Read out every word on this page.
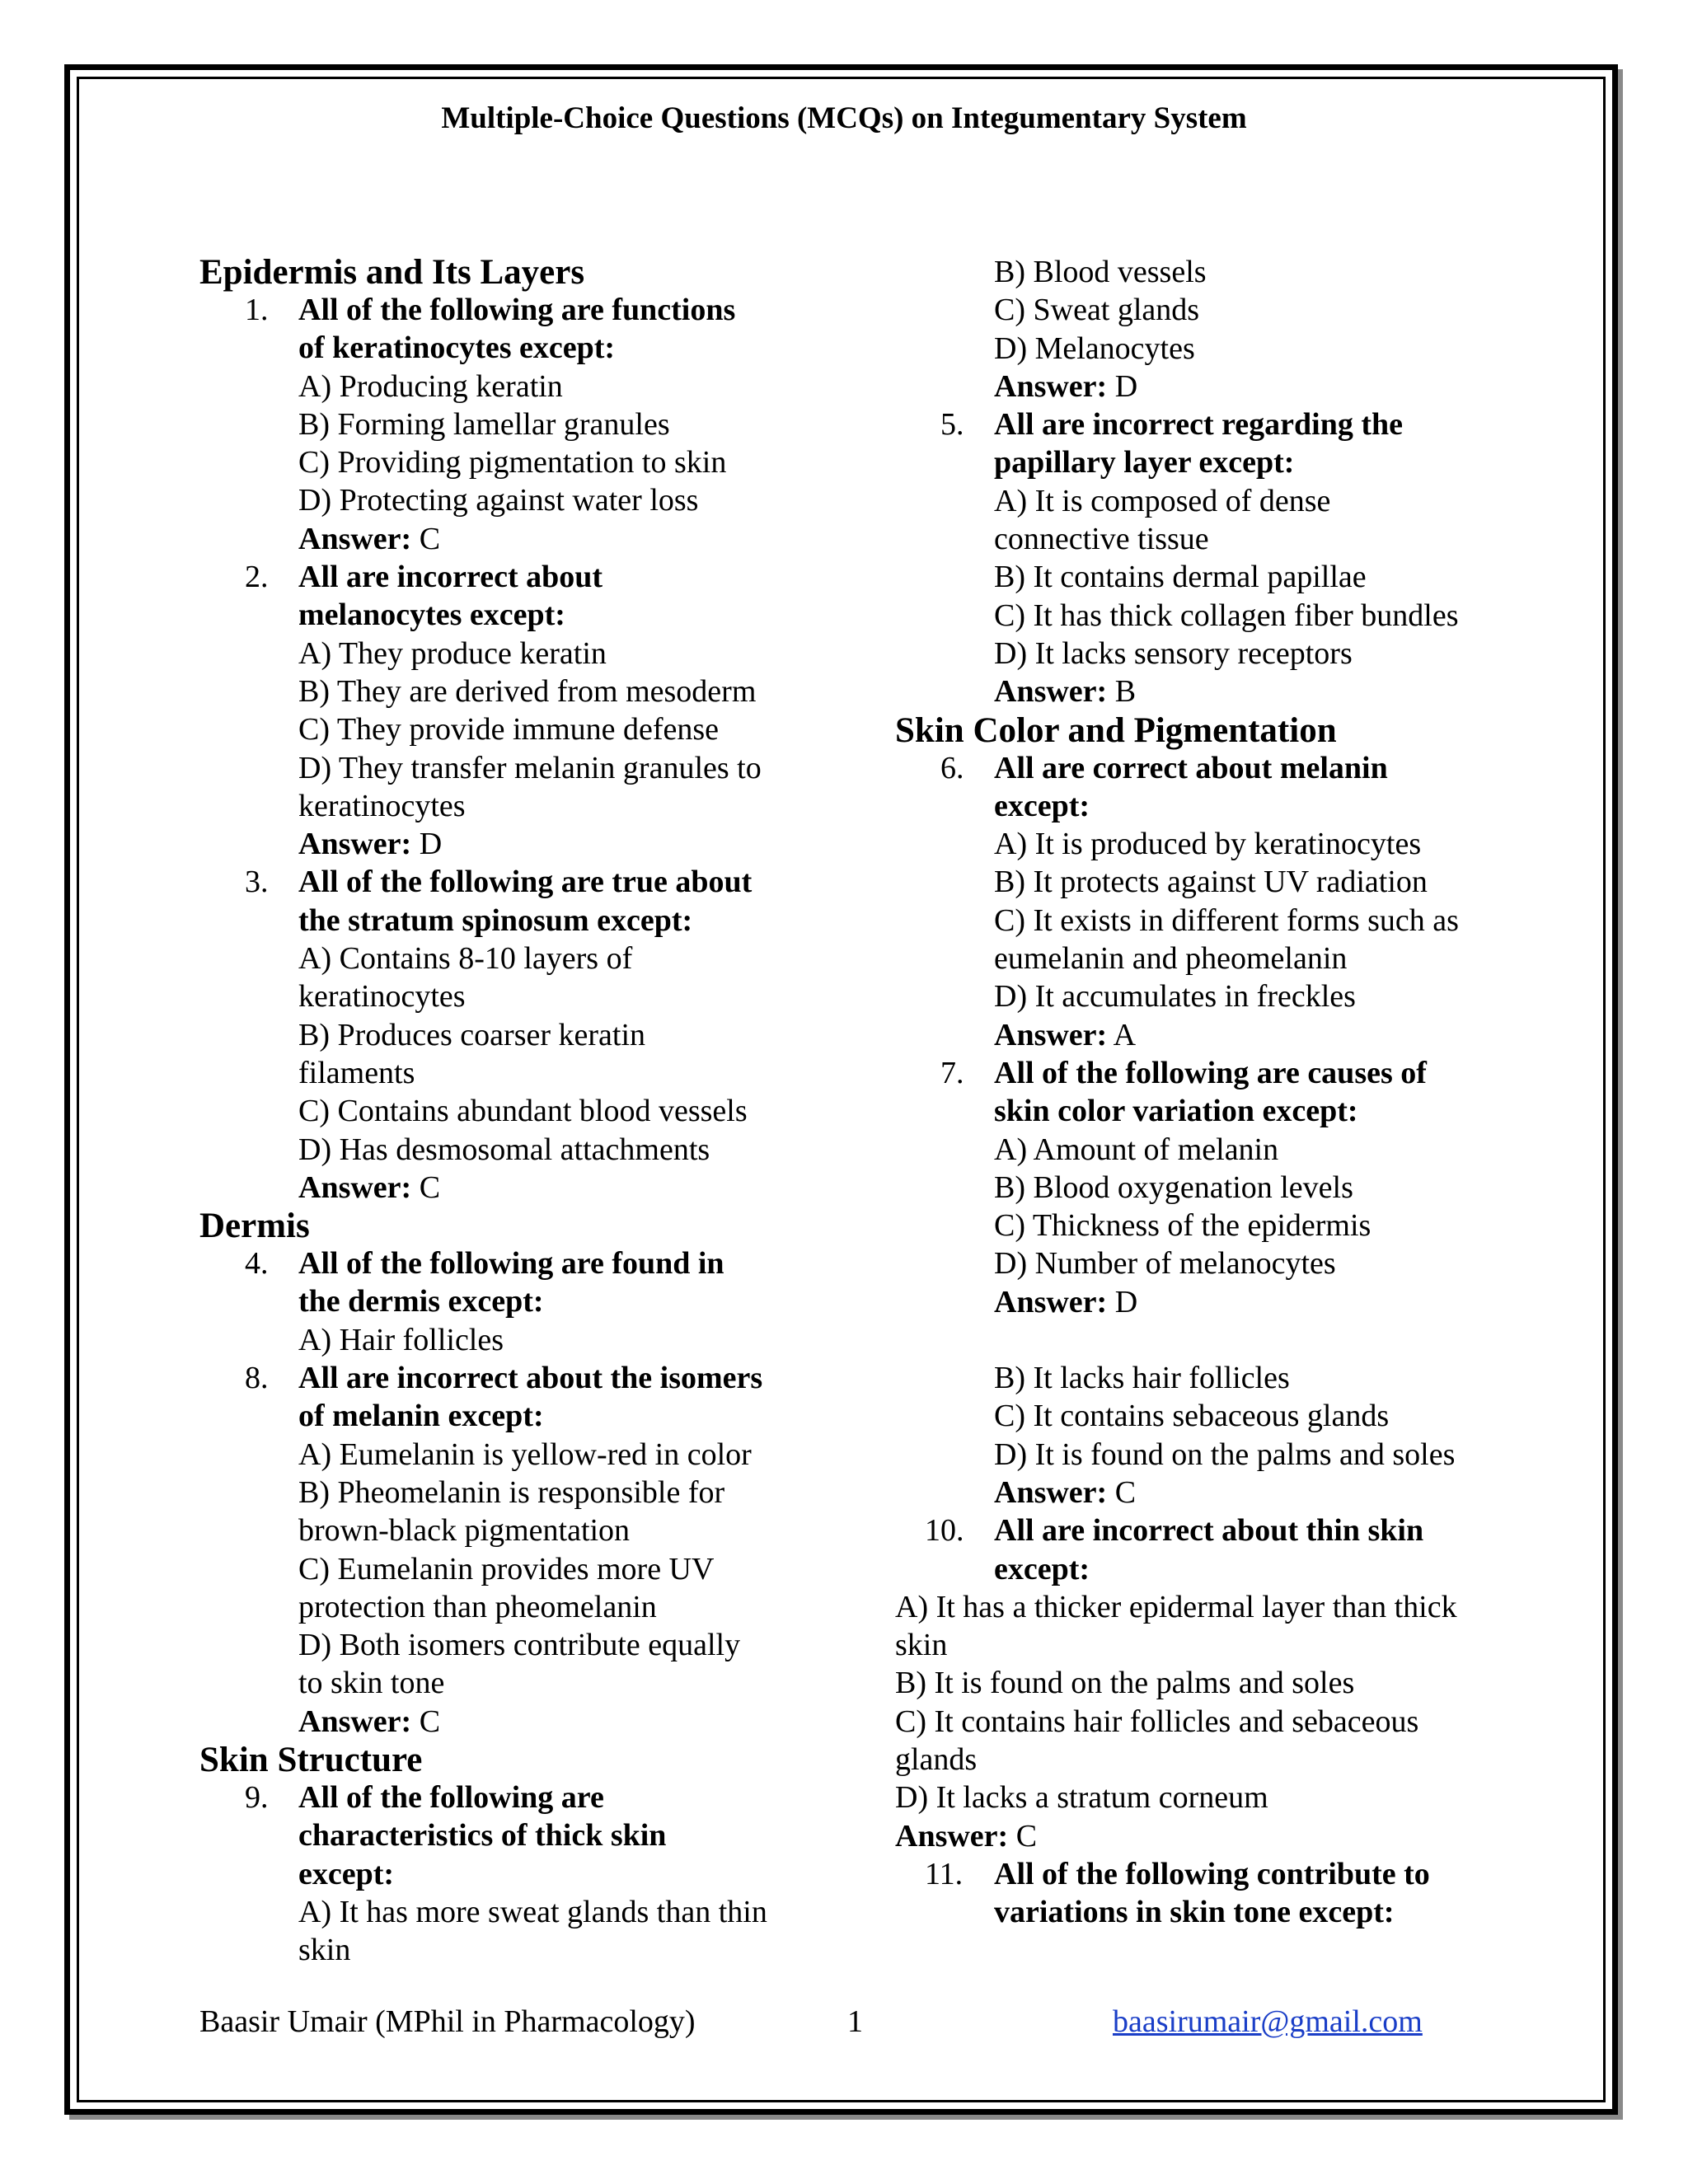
Multiple-Choice Questions (MCQs) on Integumentary System
Epidermis and Its Layers
1. All of the following are functions
of keratinocytes except:
A) Producing keratin
B) Forming lamellar granules
C) Providing pigmentation to skin
D) Protecting against water loss
Answer: C
2. All are incorrect about
melanocytes except:
A) They produce keratin
B) They are derived from mesoderm
C) They provide immune defense
D) They transfer melanin granules to
keratinocytes
Answer: D
3. All of the following are true about
the stratum spinosum except:
A) Contains 8-10 layers of
keratinocytes
B) Produces coarser keratin
filaments
C) Contains abundant blood vessels
D) Has desmosomal attachments
Answer: C
Dermis
4. All of the following are found in
the dermis except:
A) Hair follicles
8. All are incorrect about the isomers
of melanin except:
A) Eumelanin is yellow-red in color
B) Pheomelanin is responsible for
brown-black pigmentation
C) Eumelanin provides more UV
protection than pheomelanin
D) Both isomers contribute equally
to skin tone
Answer: C
Skin Structure
9. All of the following are
characteristics of thick skin
except:
A) It has more sweat glands than thin
skin
B) Blood vessels
C) Sweat glands
D) Melanocytes
Answer: D
5. All are incorrect regarding the
papillary layer except:
A) It is composed of dense
connective tissue
B) It contains dermal papillae
C) It has thick collagen fiber bundles
D) It lacks sensory receptors
Answer: B
Skin Color and Pigmentation
6. All are correct about melanin
except:
A) It is produced by keratinocytes
B) It protects against UV radiation
C) It exists in different forms such as
eumelanin and pheomelanin
D) It accumulates in freckles
Answer: A
7. All of the following are causes of
skin color variation except:
A) Amount of melanin
B) Blood oxygenation levels
C) Thickness of the epidermis
D) Number of melanocytes
Answer: D
B) It lacks hair follicles
C) It contains sebaceous glands
D) It is found on the palms and soles
Answer: C
10. All are incorrect about thin skin
except:
A) It has a thicker epidermal layer than thick
skin
B) It is found on the palms and soles
C) It contains hair follicles and sebaceous
glands
D) It lacks a stratum corneum
Answer: C
11. All of the following contribute to
variations in skin tone except:
Baasir Umair (MPhil in Pharmacology)	1	baasirumair@gmail.com
